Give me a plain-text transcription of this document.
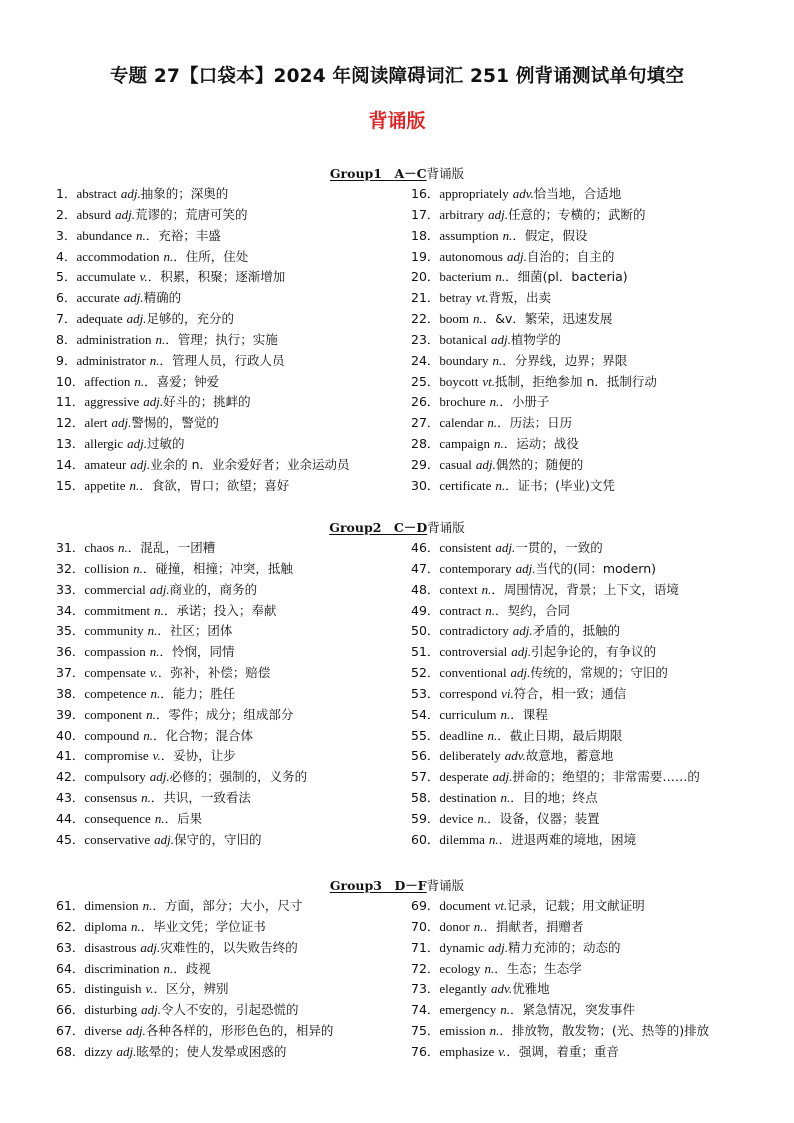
专题 27【口袋本】2024 年阅读障碍词汇 251 例背诵测试单句填空
背诵版
Group1　A－C背诵版
1．abstract adj.抽象的；深奥的
2．absurd adj.荒谬的；荒唐可笑的
3．abundance n.．充裕；丰盛
4．accommodation n.．住所，住处
5．accumulate v.．积累，积聚；逐渐增加
6．accurate adj.精确的
7．adequate adj.足够的，充分的
8．administration n.．管理；执行；实施
9．administrator n.．管理人员，行政人员
10．affection n.．喜爱；钟爱
11．aggressive adj.好斗的；挑衅的
12．alert adj.警惕的，警觉的
13．allergic adj.过敏的
14．amateur adj.业余的 n．业余爱好者；业余运动员
15．appetite n.．食欲，胃口；欲望；喜好
16．appropriately adv.恰当地，合适地
17．arbitrary adj.任意的；专横的；武断的
18．assumption n.．假定，假设
19．autonomous adj.自治的；自主的
20．bacterium n.．细菌(pl．bacteria)
21．betray vt.背叛，出卖
22．boom n.．&v．繁荣，迅速发展
23．botanical adj.植物学的
24．boundary n.．分界线，边界；界限
25．boycott vt.抵制，拒绝参加 n．抵制行动
26．brochure n.．小册子
27．calendar n.．历法；日历
28．campaign n.．运动；战役
29．casual adj.偶然的；随便的
30．certificate n.．证书；(毕业)文凭
Group2　C－D背诵版
31．chaos n.．混乱，一团糟
32．collision n.．碰撞，相撞；冲突，抵触
33．commercial adj.商业的，商务的
34．commitment n.．承诺；投入；奉献
35．community n.．社区；团体
36．compassion n.．怜悯，同情
37．compensate v.．弥补，补偿；赔偿
38．competence n.．能力；胜任
39．component n.．零件；成分；组成部分
40．compound n.．化合物；混合体
41．compromise v.．妥协，让步
42．compulsory adj.必修的；强制的，义务的
43．consensus n.．共识，一致看法
44．consequence n.．后果
45．conservative adj.保守的，守旧的
46．consistent adj.一贯的，一致的
47．contemporary adj.当代的(同：modern)
48．context n.．周围情况，背景；上下文，语境
49．contract n.．契约，合同
50．contradictory adj.矛盾的，抵触的
51．controversial adj.引起争论的，有争议的
52．conventional adj.传统的，常规的；守旧的
53．correspond vi.符合，相一致；通信
54．curriculum n.．课程
55．deadline n.．截止日期，最后期限
56．deliberately adv.故意地，蓄意地
57．desperate adj.拼命的；绝望的；非常需要……的
58．destination n.．目的地；终点
59．device n.．设备，仪器；装置
60．dilemma n.．进退两难的境地，困境
Group3　D－F背诵版
61．dimension n.．方面，部分；大小，尺寸
62．diploma n.．毕业文凭；学位证书
63．disastrous adj.灾难性的，以失败告终的
64．discrimination n.．歧视
65．distinguish v.．区分，辨别
66．disturbing adj.令人不安的，引起恐慌的
67．diverse adj.各种各样的，形形色色的，相异的
68．dizzy adj.眩晕的；使人发晕或困惑的
69．document vt.记录，记载；用文献证明
70．donor n.．捐献者，捐赠者
71．dynamic adj.精力充沛的；动态的
72．ecology n.．生态；生态学
73．elegantly adv.优雅地
74．emergency n.．紧急情况，突发事件
75．emission n.．排放物，散发物；(光、热等的)排放
76．emphasize v.．强调，着重；重音
